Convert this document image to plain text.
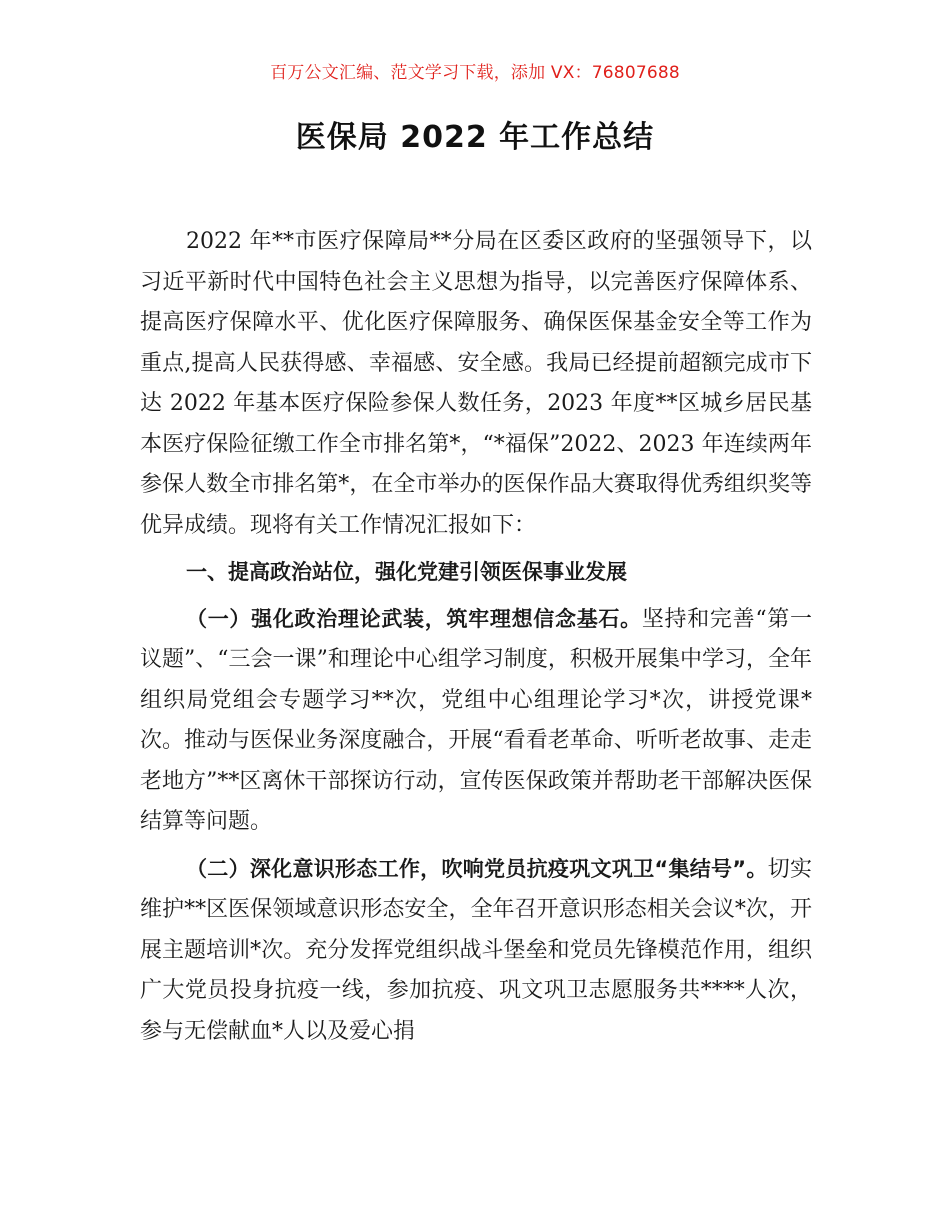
百万公文汇编、范文学习下载，添加 VX：76807688
医保局 2022 年工作总结

2022 年**市医疗保障局**分局在区委区政府的坚强领导下，以习近平新时代中国特色社会主义思想为指导，以完善医疗保障体系、提高医疗保障水平、优化医疗保障服务、确保医保基金安全等工作为重点,提高人民获得感、幸福感、安全感。我局已经提前超额完成市下达 2022 年基本医疗保险参保人数任务，2023 年度**区城乡居民基本医疗保险征缴工作全市排名第*，“*福保”2022、2023 年连续两年参保人数全市排名第*，在全市举办的医保作品大赛取得优秀组织奖等优异成绩。现将有关工作情况汇报如下：

一、提高政治站位，强化党建引领医保事业发展

（一）强化政治理论武装，筑牢理想信念基石。坚持和完善“第一议题”、“三会一课”和理论中心组学习制度，积极开展集中学习，全年组织局党组会专题学习**次，党组中心组理论学习*次，讲授党课*次。推动与医保业务深度融合，开展“看看老革命、听听老故事、走走老地方”**区离休干部探访行动，宣传医保政策并帮助老干部解决医保结算等问题。

（二）深化意识形态工作，吹响党员抗疫巩文巩卫“集结号”。切实维护**区医保领域意识形态安全，全年召开意识形态相关会议*次，开展主题培训*次。充分发挥党组织战斗堡垒和党员先锋模范作用，组织广大党员投身抗疫一线，参加抗疫、巩文巩卫志愿服务共****人次，参与无偿献血*人以及爱心捐
